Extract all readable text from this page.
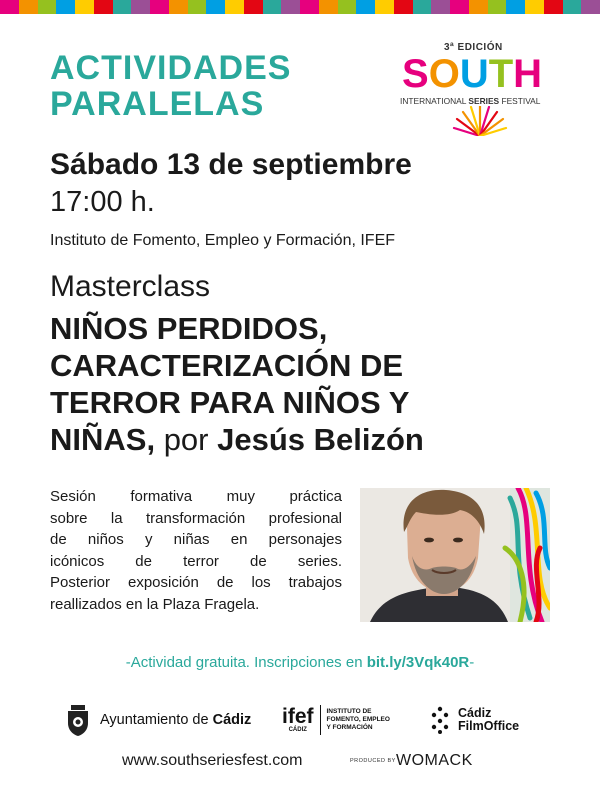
ACTIVIDADES
PARALELAS
3ª EDICIÓN
SOUTH
INTERNATIONAL SERIES FESTIVAL
Sábado 13 de septiembre
17:00 h.
Instituto de Fomento, Empleo y Formación, IFEF
Masterclass
NIÑOS PERDIDOS,
CARACTERIZACIÓN DE
TERROR PARA NIÑOS Y
NIÑAS, por Jesús Belizón
Sesión formativa muy práctica
sobre la transformación profesional
de niños y niñas en personajes
icónicos de terror de series.
Posterior exposición de los trabajos
reallizados en la Plaza Fragela.
-Actividad gratuita. Inscripciones en bit.ly/3Vqk40R-
Ayuntamiento de Cádiz ifef
CÁDIZ
INSTITUTO DE
FOMENTO, EMPLEO
Y FORMACIÓN
Cádiz
FilmOffice
www.southseriesfest.com	PRODUCED BY WOMACK
